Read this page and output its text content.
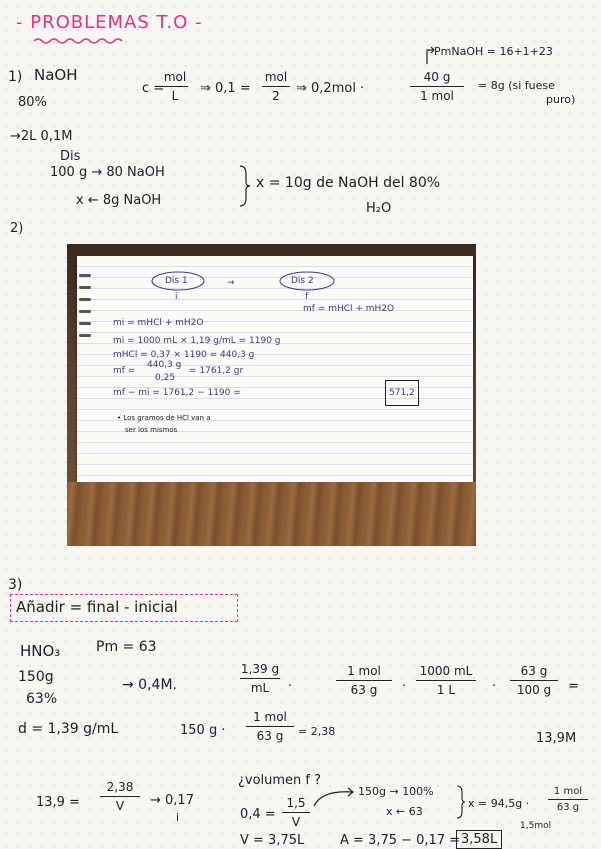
- PROBLEMAS T.O -
1) NaOH
80%
PmNaOH = 16+1+23
c =
mol
L	⇒ 0,1 =
mol
2	⇒ 0,2mol ·
40 g
1 mol
= 8g (si fuese
puro)
→2L 0,1M
Dis
100 g → 80 NaOH
x ← 8g NaOH
x = 10g de NaOH del 80%
H₂O
2)
Dis 1
i
→	Dis 2
f
mf = mHCl + mH2O
mi = mHCl + mH2O
mi = 1000 mL × 1,19 g/mL = 1190 g
mHCl = 0,37 × 1190 = 440,3 g
mf =
440,3 g
0,25
= 1761,2 gr
mf − mi = 1761,2 − 1190 =	571,2
• Los gramos de HCl van a
ser los mismos
3)
Añadir = final - inicial
HNO₃	Pm = 63
150g
63%
d = 1,39 g/mL
→ 0,4M.
1,39 g
mL	·
1 mol
63 g	·
1000 mL
1 L	·
63 g
100 g	=
13,9M
150 g ·
1 mol
63 g	= 2,38
¿volumen f ?
13,9 =
2,38
V	→ 0,17
i	0,4 =
1,5
V
V = 3,75L	A = 3,75 − 0,17 = 3,58L
150g → 100%
x ← 63
x = 94,5g ·
1 mol
63 g
1,5mol
